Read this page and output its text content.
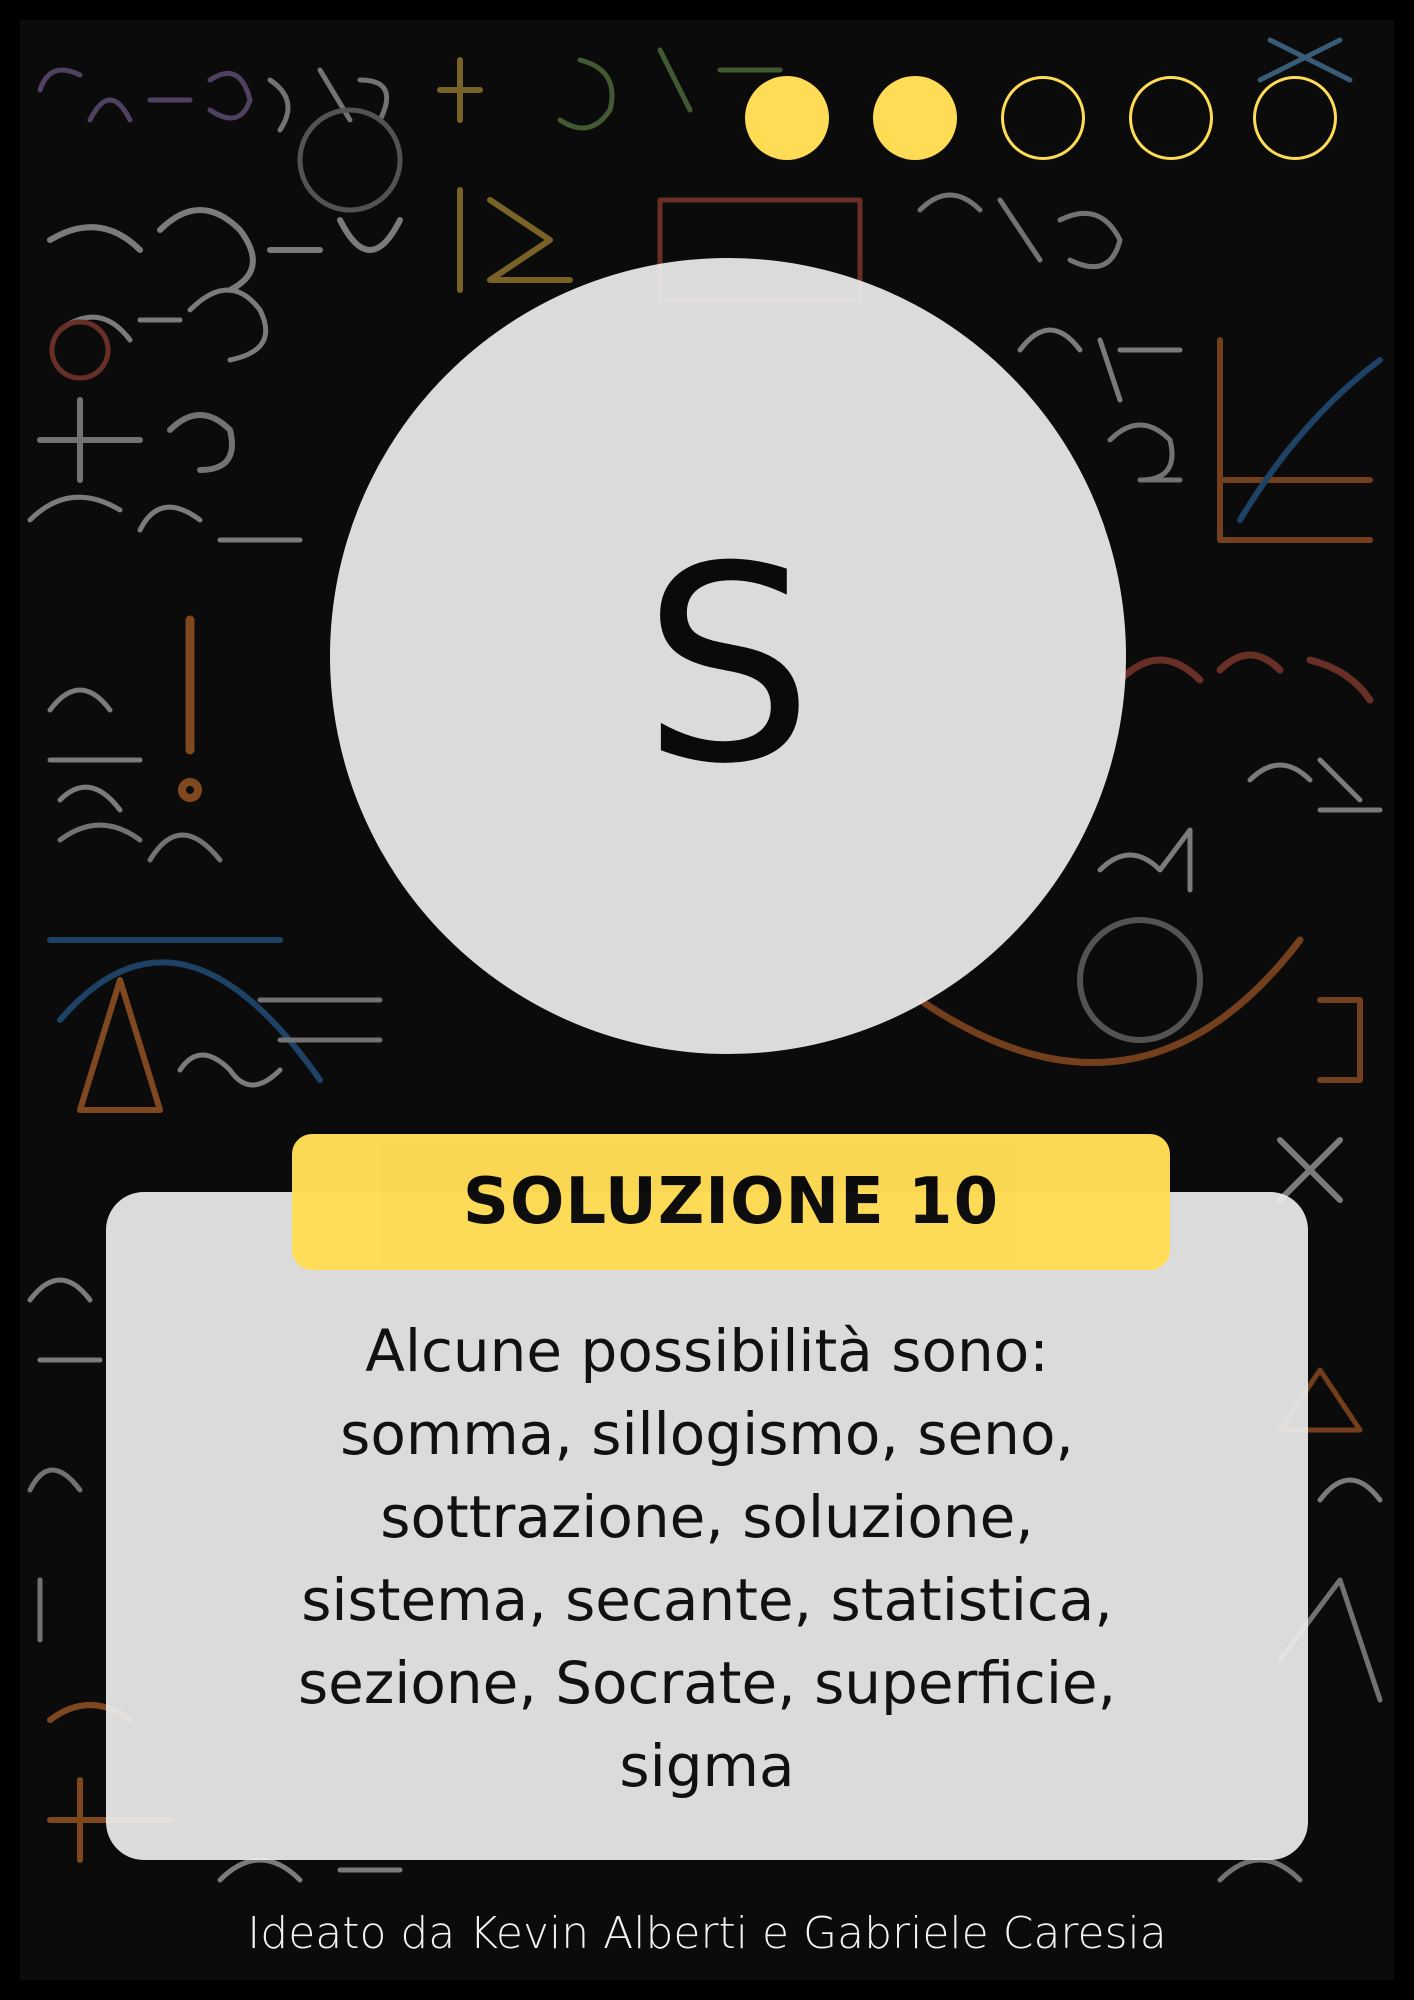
S
SOLUZIONE 10
Alcune possibilità sono:
somma, sillogismo, seno,
sottrazione, soluzione,
sistema, secante, statistica,
sezione, Socrate, superficie,
sigma
Ideato da Kevin Alberti e Gabriele Caresia
